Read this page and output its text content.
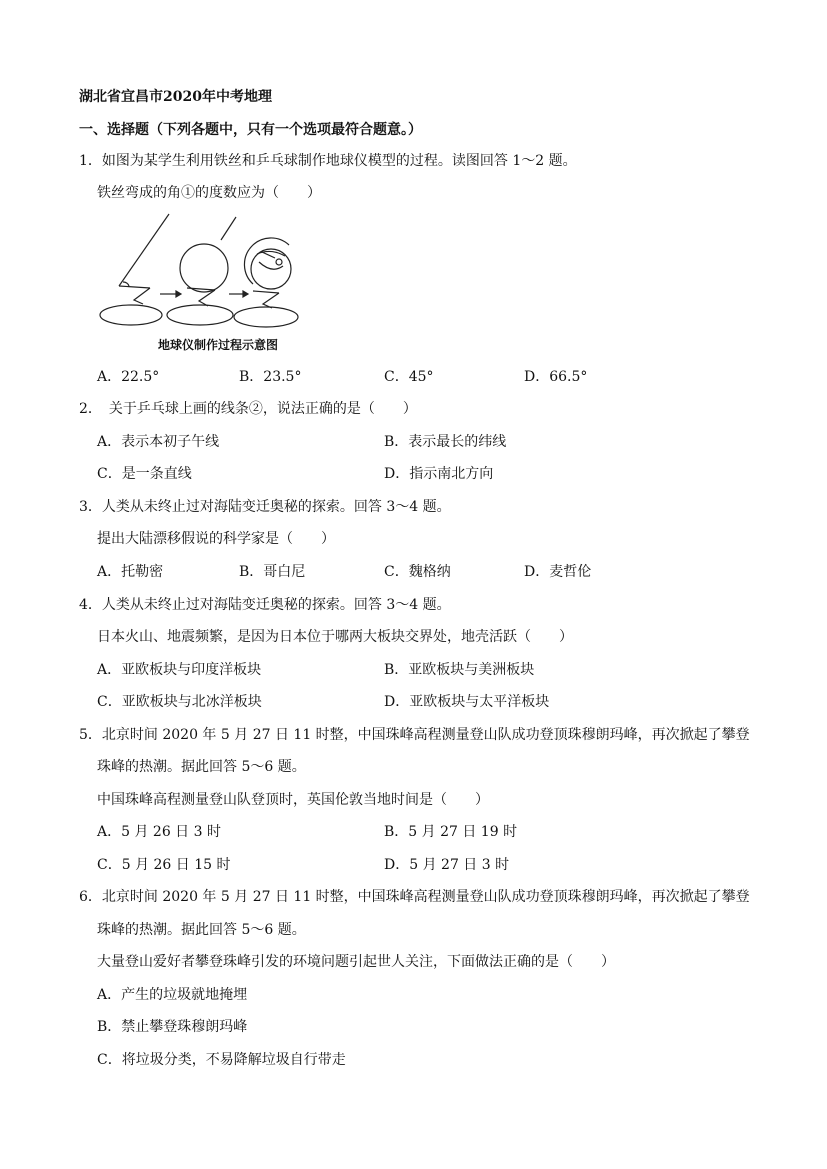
湖北省宜昌市2020年中考地理
一、选择题（下列各题中，只有一个选项最符合题意。）
1．如图为某学生利用铁丝和乒乓球制作地球仪模型的过程。读图回答 1～2 题。
铁丝弯成的角①的度数应为（　　）
地球仪制作过程示意图
A．22.5°	B．23.5°	C．45°	D．66.5°
2．　关于乒乓球上画的线条②，说法正确的是（　　）
A．表示本初子午线	B．表示最长的纬线
C．是一条直线	D．指示南北方向
3．人类从未终止过对海陆变迁奥秘的探索。回答 3～4 题。
提出大陆漂移假说的科学家是（　　）
A．托勒密	B．哥白尼	C．魏格纳	D．麦哲伦
4．人类从未终止过对海陆变迁奥秘的探索。回答 3～4 题。
日本火山、地震频繁，是因为日本位于哪两大板块交界处，地壳活跃（　　）
A．亚欧板块与印度洋板块	B．亚欧板块与美洲板块
C．亚欧板块与北冰洋板块	D．亚欧板块与太平洋板块
5．北京时间 2020 年 5 月 27 日 11 时整，中国珠峰高程测量登山队成功登顶珠穆朗玛峰，再次掀起了攀登
珠峰的热潮。据此回答 5～6 题。
中国珠峰高程测量登山队登顶时，英国伦敦当地时间是（　　）
A．5 月 26 日 3 时	B．5 月 27 日 19 时
C．5 月 26 日 15 时	D．5 月 27 日 3 时
6．北京时间 2020 年 5 月 27 日 11 时整，中国珠峰高程测量登山队成功登顶珠穆朗玛峰，再次掀起了攀登
珠峰的热潮。据此回答 5～6 题。
大量登山爱好者攀登珠峰引发的环境问题引起世人关注，下面做法正确的是（　　）
A．产生的垃圾就地掩埋
B．禁止攀登珠穆朗玛峰
C．将垃圾分类，不易降解垃圾自行带走
